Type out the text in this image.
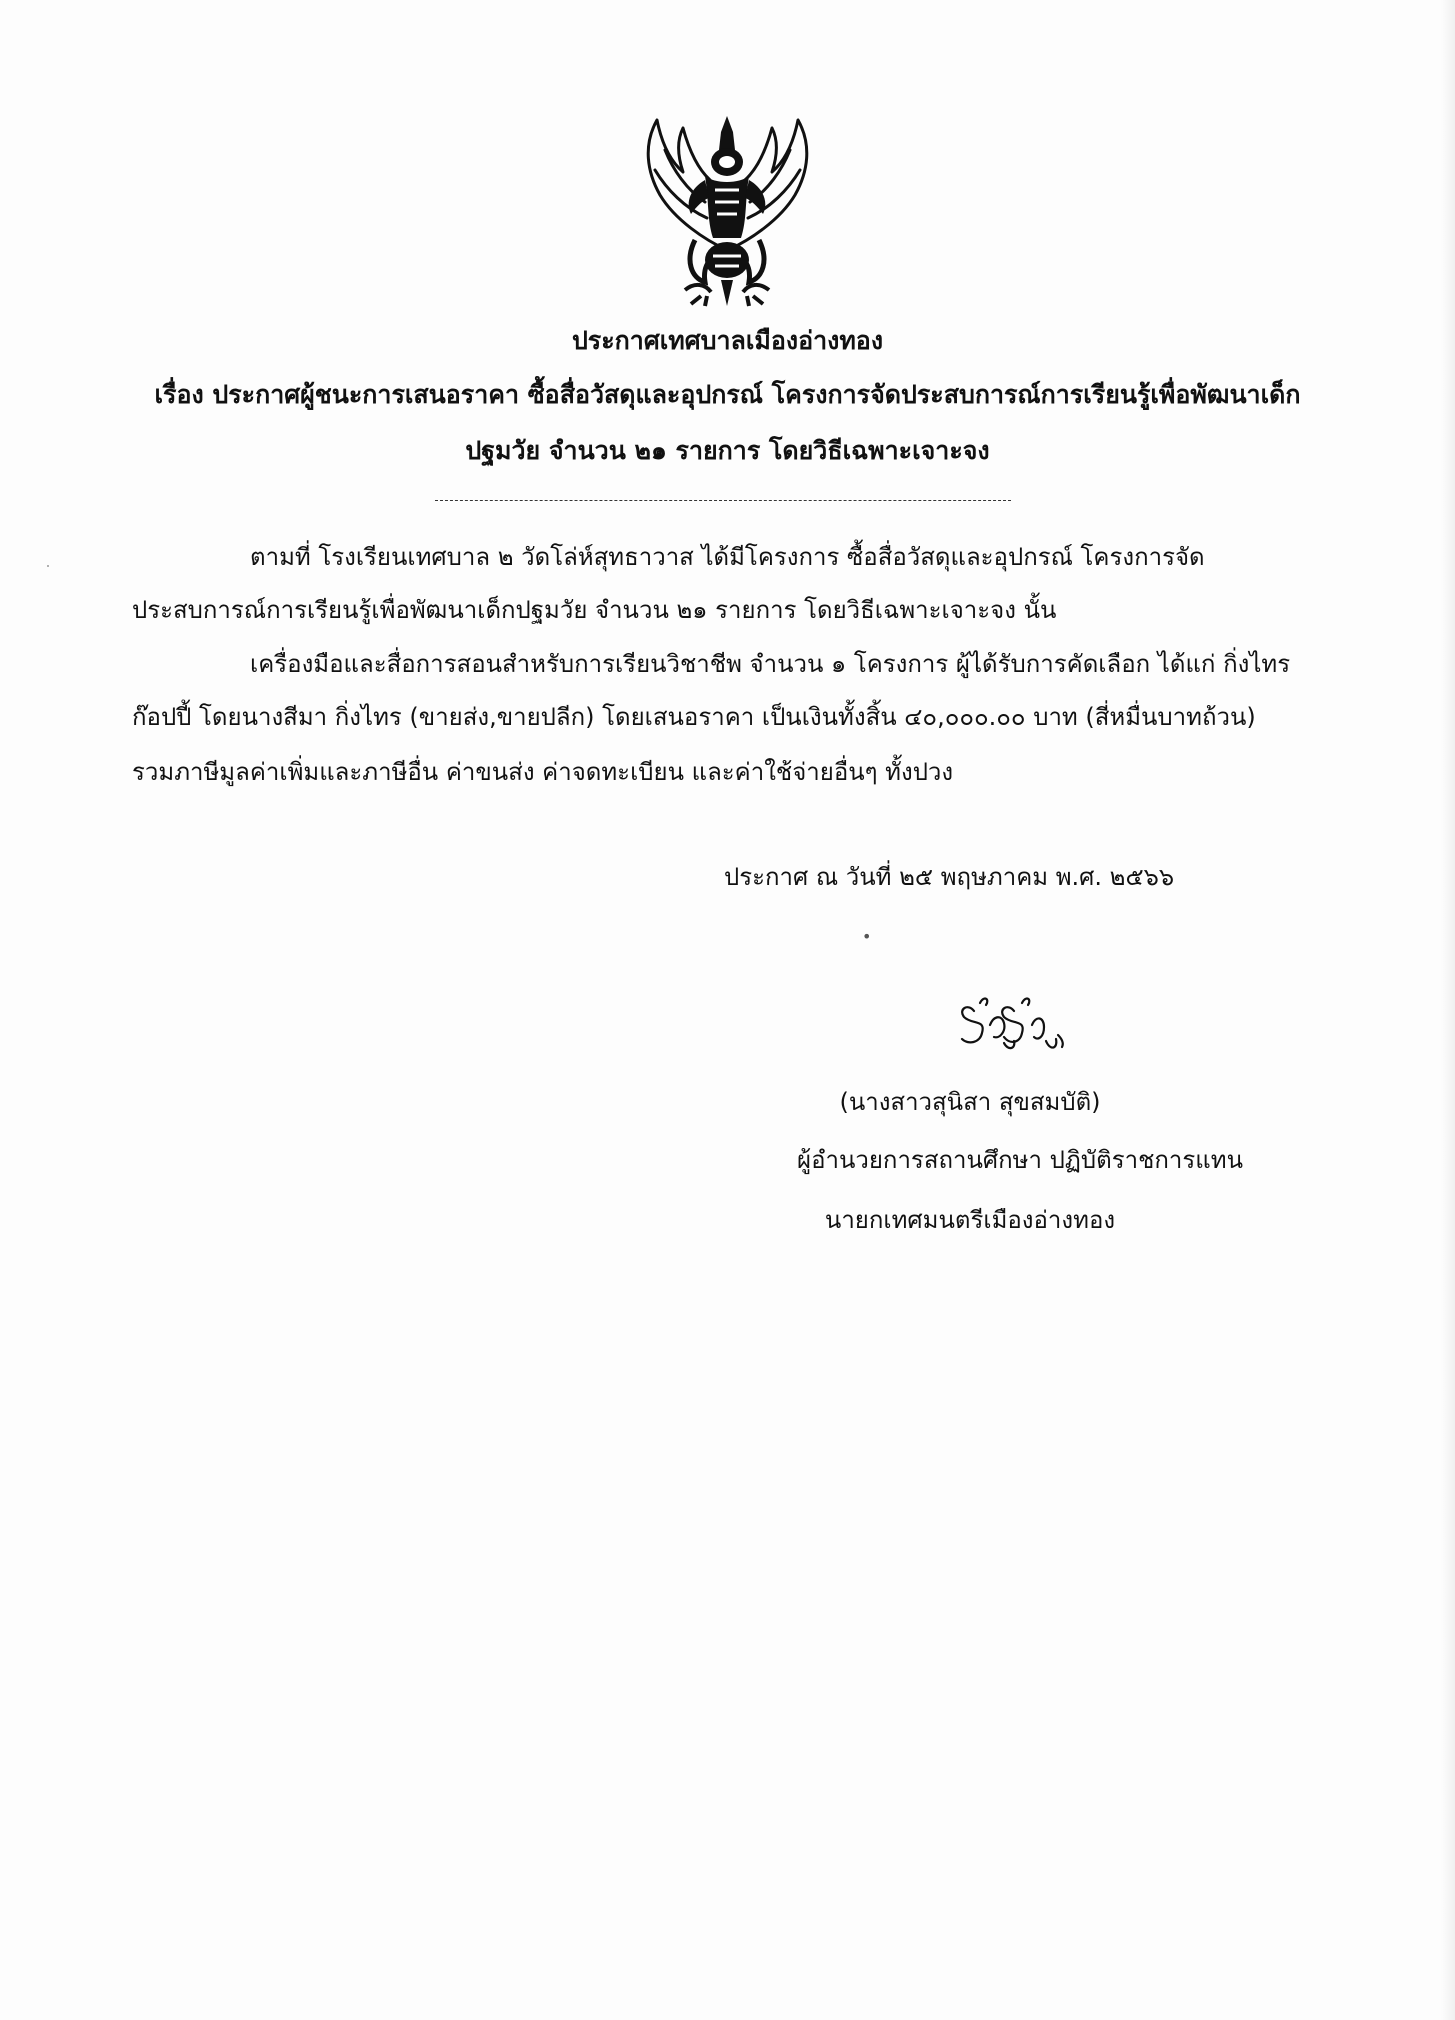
ประกาศเทศบาลเมืองอ่างทอง
เรื่อง ประกาศผู้ชนะการเสนอราคา ซื้อสื่อวัสดุและอุปกรณ์ โครงการจัดประสบการณ์การเรียนรู้เพื่อพัฒนาเด็ก
ปฐมวัย จำนวน ๒๑ รายการ โดยวิธีเฉพาะเจาะจง
ตามที่ โรงเรียนเทศบาล ๒ วัดโล่ห์สุทธาวาส ได้มีโครงการ ซื้อสื่อวัสดุและอุปกรณ์ โครงการจัด
ประสบการณ์การเรียนรู้เพื่อพัฒนาเด็กปฐมวัย จำนวน ๒๑ รายการ โดยวิธีเฉพาะเจาะจง นั้น
เครื่องมือและสื่อการสอนสำหรับการเรียนวิชาชีพ จำนวน ๑ โครงการ ผู้ได้รับการคัดเลือก ได้แก่ กิ่งไทร
ก๊อปปี้ โดยนางสีมา กิ่งไทร (ขายส่ง,ขายปลีก) โดยเสนอราคา เป็นเงินทั้งสิ้น ๔๐,๐๐๐.๐๐ บาท (สี่หมื่นบาทถ้วน)
รวมภาษีมูลค่าเพิ่มและภาษีอื่น ค่าขนส่ง ค่าจดทะเบียน และค่าใช้จ่ายอื่นๆ ทั้งปวง
ประกาศ ณ วันที่ ๒๕ พฤษภาคม พ.ศ. ๒๕๖๖
•
(นางสาวสุนิสา สุขสมบัติ)
ผู้อำนวยการสถานศึกษา ปฏิบัติราชการแทน
นายกเทศมนตรีเมืองอ่างทอง
